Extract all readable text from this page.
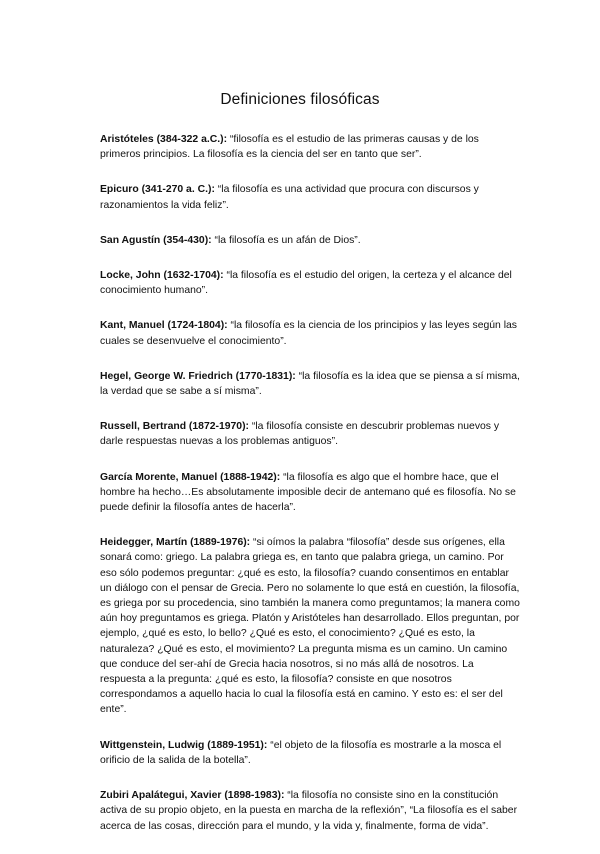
Definiciones filosóficas

Aristóteles (384-322 a.C.): “filosofía es el estudio de las primeras causas y de los primeros principios. La filosofía es la ciencia del ser en tanto que ser”.

Epicuro (341-270 a. C.): “la filosofía es una actividad que procura con discursos y razonamientos la vida feliz”.

San Agustín (354-430): “la filosofía es un afán de Dios”.

Locke, John (1632-1704): “la filosofía es el estudio del origen, la certeza y el alcance del conocimiento humano”.

Kant, Manuel (1724-1804): “la filosofía es la ciencia de los principios y las leyes según las cuales se desenvuelve el conocimiento”.

Hegel, George W. Friedrich (1770-1831): “la filosofía es la idea que se piensa a sí misma, la verdad que se sabe a sí misma”.

Russell, Bertrand (1872-1970): “la filosofía consiste en descubrir problemas nuevos y darle respuestas nuevas a los problemas antiguos”.

García Morente, Manuel (1888-1942): “la filosofía es algo que el hombre hace, que el hombre ha hecho…Es absolutamente imposible decir de antemano qué es filosofía. No se puede definir la filosofía antes de hacerla”.

Heidegger, Martín (1889-1976): “si oímos la palabra “filosofía” desde sus orígenes, ella sonará como: griego. La palabra griega es, en tanto que palabra griega, un camino. Por eso sólo podemos preguntar: ¿qué es esto, la filosofía? cuando consentimos en entablar un diálogo con el pensar de Grecia. Pero no solamente lo que está en cuestión, la filosofía, es griega por su procedencia, sino también la manera como preguntamos; la manera como aún hoy preguntamos es griega. Platón y Aristóteles han desarrollado. Ellos preguntan, por ejemplo, ¿qué es esto, lo bello? ¿Qué es esto, el conocimiento? ¿Qué es esto, la naturaleza? ¿Qué es esto, el movimiento? La pregunta misma es un camino. Un camino que conduce del ser-ahí de Grecia hacia nosotros, si no más allá de nosotros. La respuesta a la pregunta: ¿qué es esto, la filosofía? consiste en que nosotros correspondamos a aquello hacia lo cual la filosofía está en camino. Y esto es: el ser del ente”.

Wittgenstein, Ludwig (1889-1951): “el objeto de la filosofía es mostrarle a la mosca el orificio de la salida de la botella”.

Zubiri Apalátegui, Xavier (1898-1983): “la filosofía no consiste sino en la constitución activa de su propio objeto, en la puesta en marcha de la reflexión”, “La filosofía es el saber acerca de las cosas, dirección para el mundo, y la vida y, finalmente, forma de vida”.
